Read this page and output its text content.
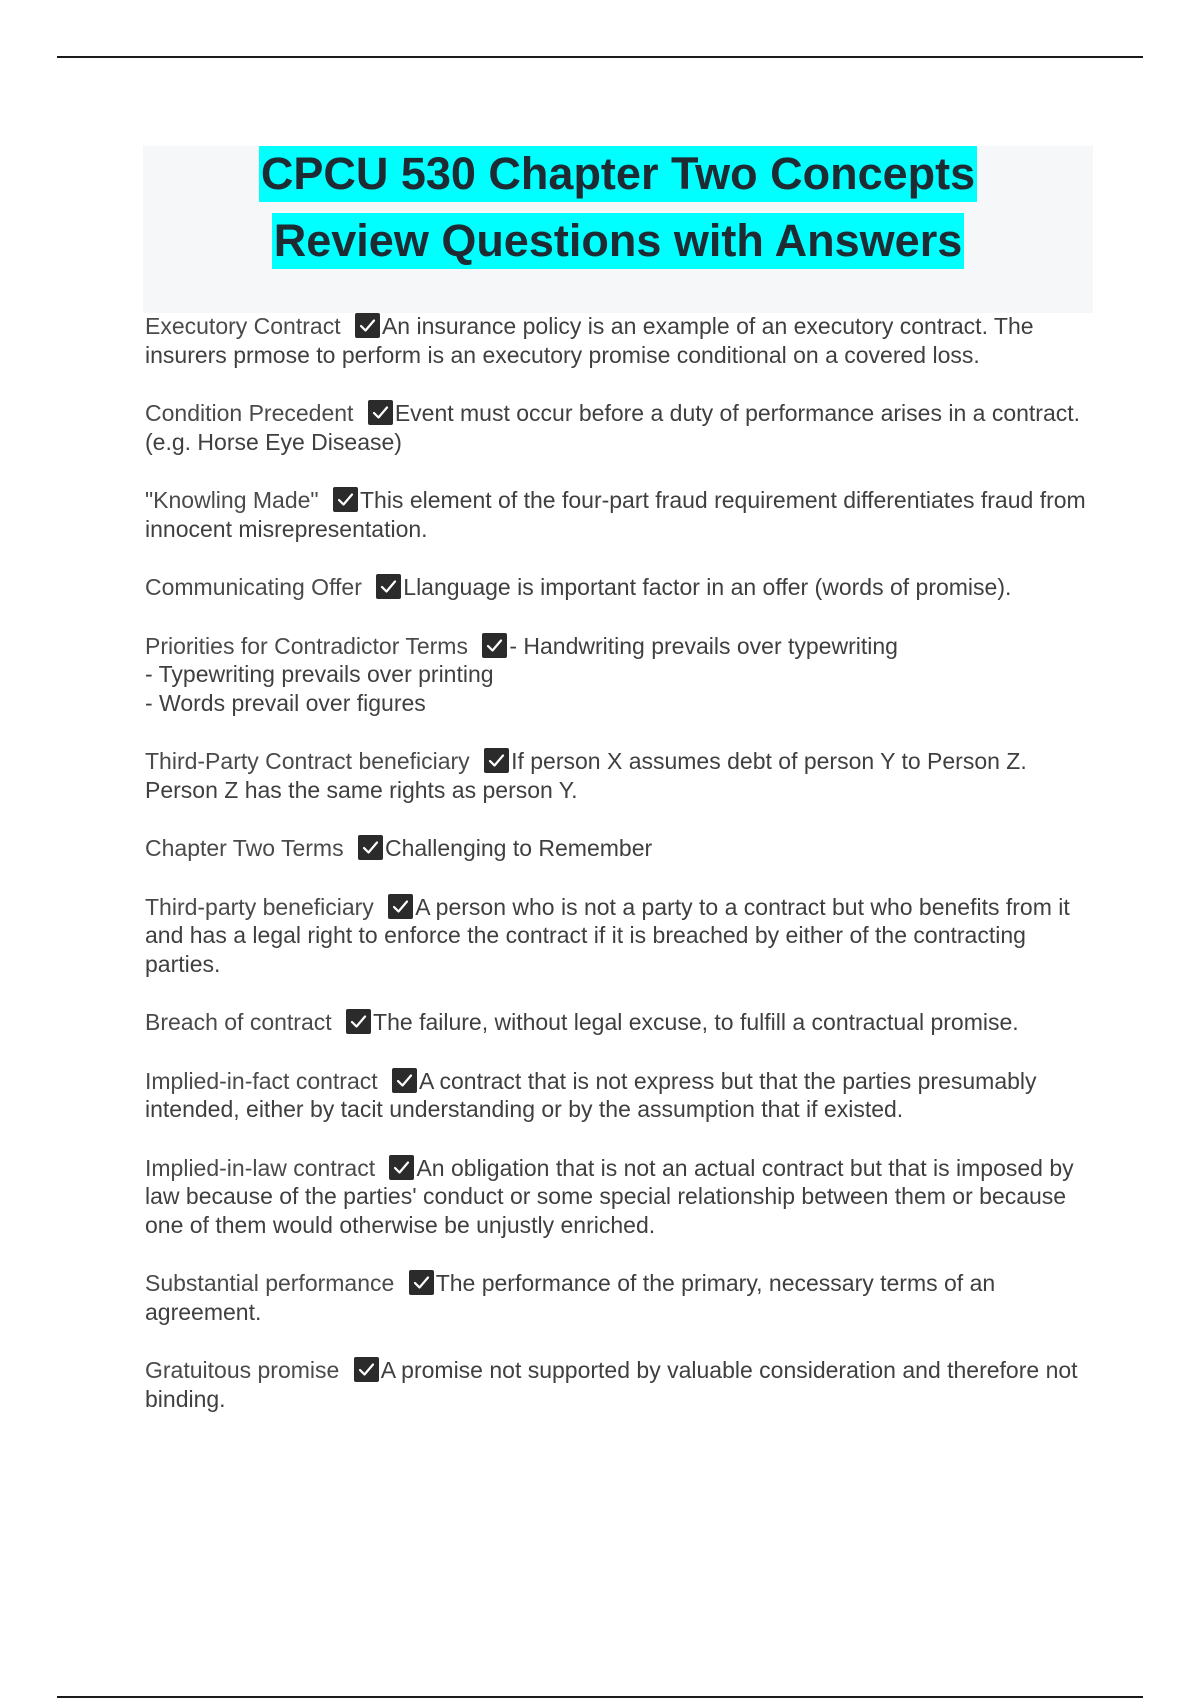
CPCU 530 Chapter Two Concepts

Review Questions with Answers

Executory Contract
An insurance policy is an example of an executory contract. The insurers prmose to perform is an executory promise conditional on a covered loss.

Condition Precedent
Event must occur before a duty of performance arises in a contract. (e.g. Horse Eye Disease)

"Knowling Made"
This element of the four-part fraud requirement differentiates fraud from innocent misrepresentation.

Communicating Offer
Llanguage is important factor in an offer (words of promise).

Priorities for Contradictor Terms
- Handwriting prevails over typewriting
- Typewriting prevails over printing
- Words prevail over figures

Third-Party Contract beneficiary
If person X assumes debt of person Y to Person Z. Person Z has the same rights as person Y.

Chapter Two Terms
Challenging to Remember

Third-party beneficiary
A person who is not a party to a contract but who benefits from it and has a legal right to enforce the contract if it is breached by either of the contracting parties.

Breach of contract
The failure, without legal excuse, to fulfill a contractual promise.

Implied-in-fact contract
A contract that is not express but that the parties presumably intended, either by tacit understanding or by the assumption that if existed.

Implied-in-law contract
An obligation that is not an actual contract but that is imposed by law because of the parties' conduct or some special relationship between them or because one of them would otherwise be unjustly enriched.

Substantial performance
The performance of the primary, necessary terms of an agreement.

Gratuitous promise
A promise not supported by valuable consideration and therefore not binding.
